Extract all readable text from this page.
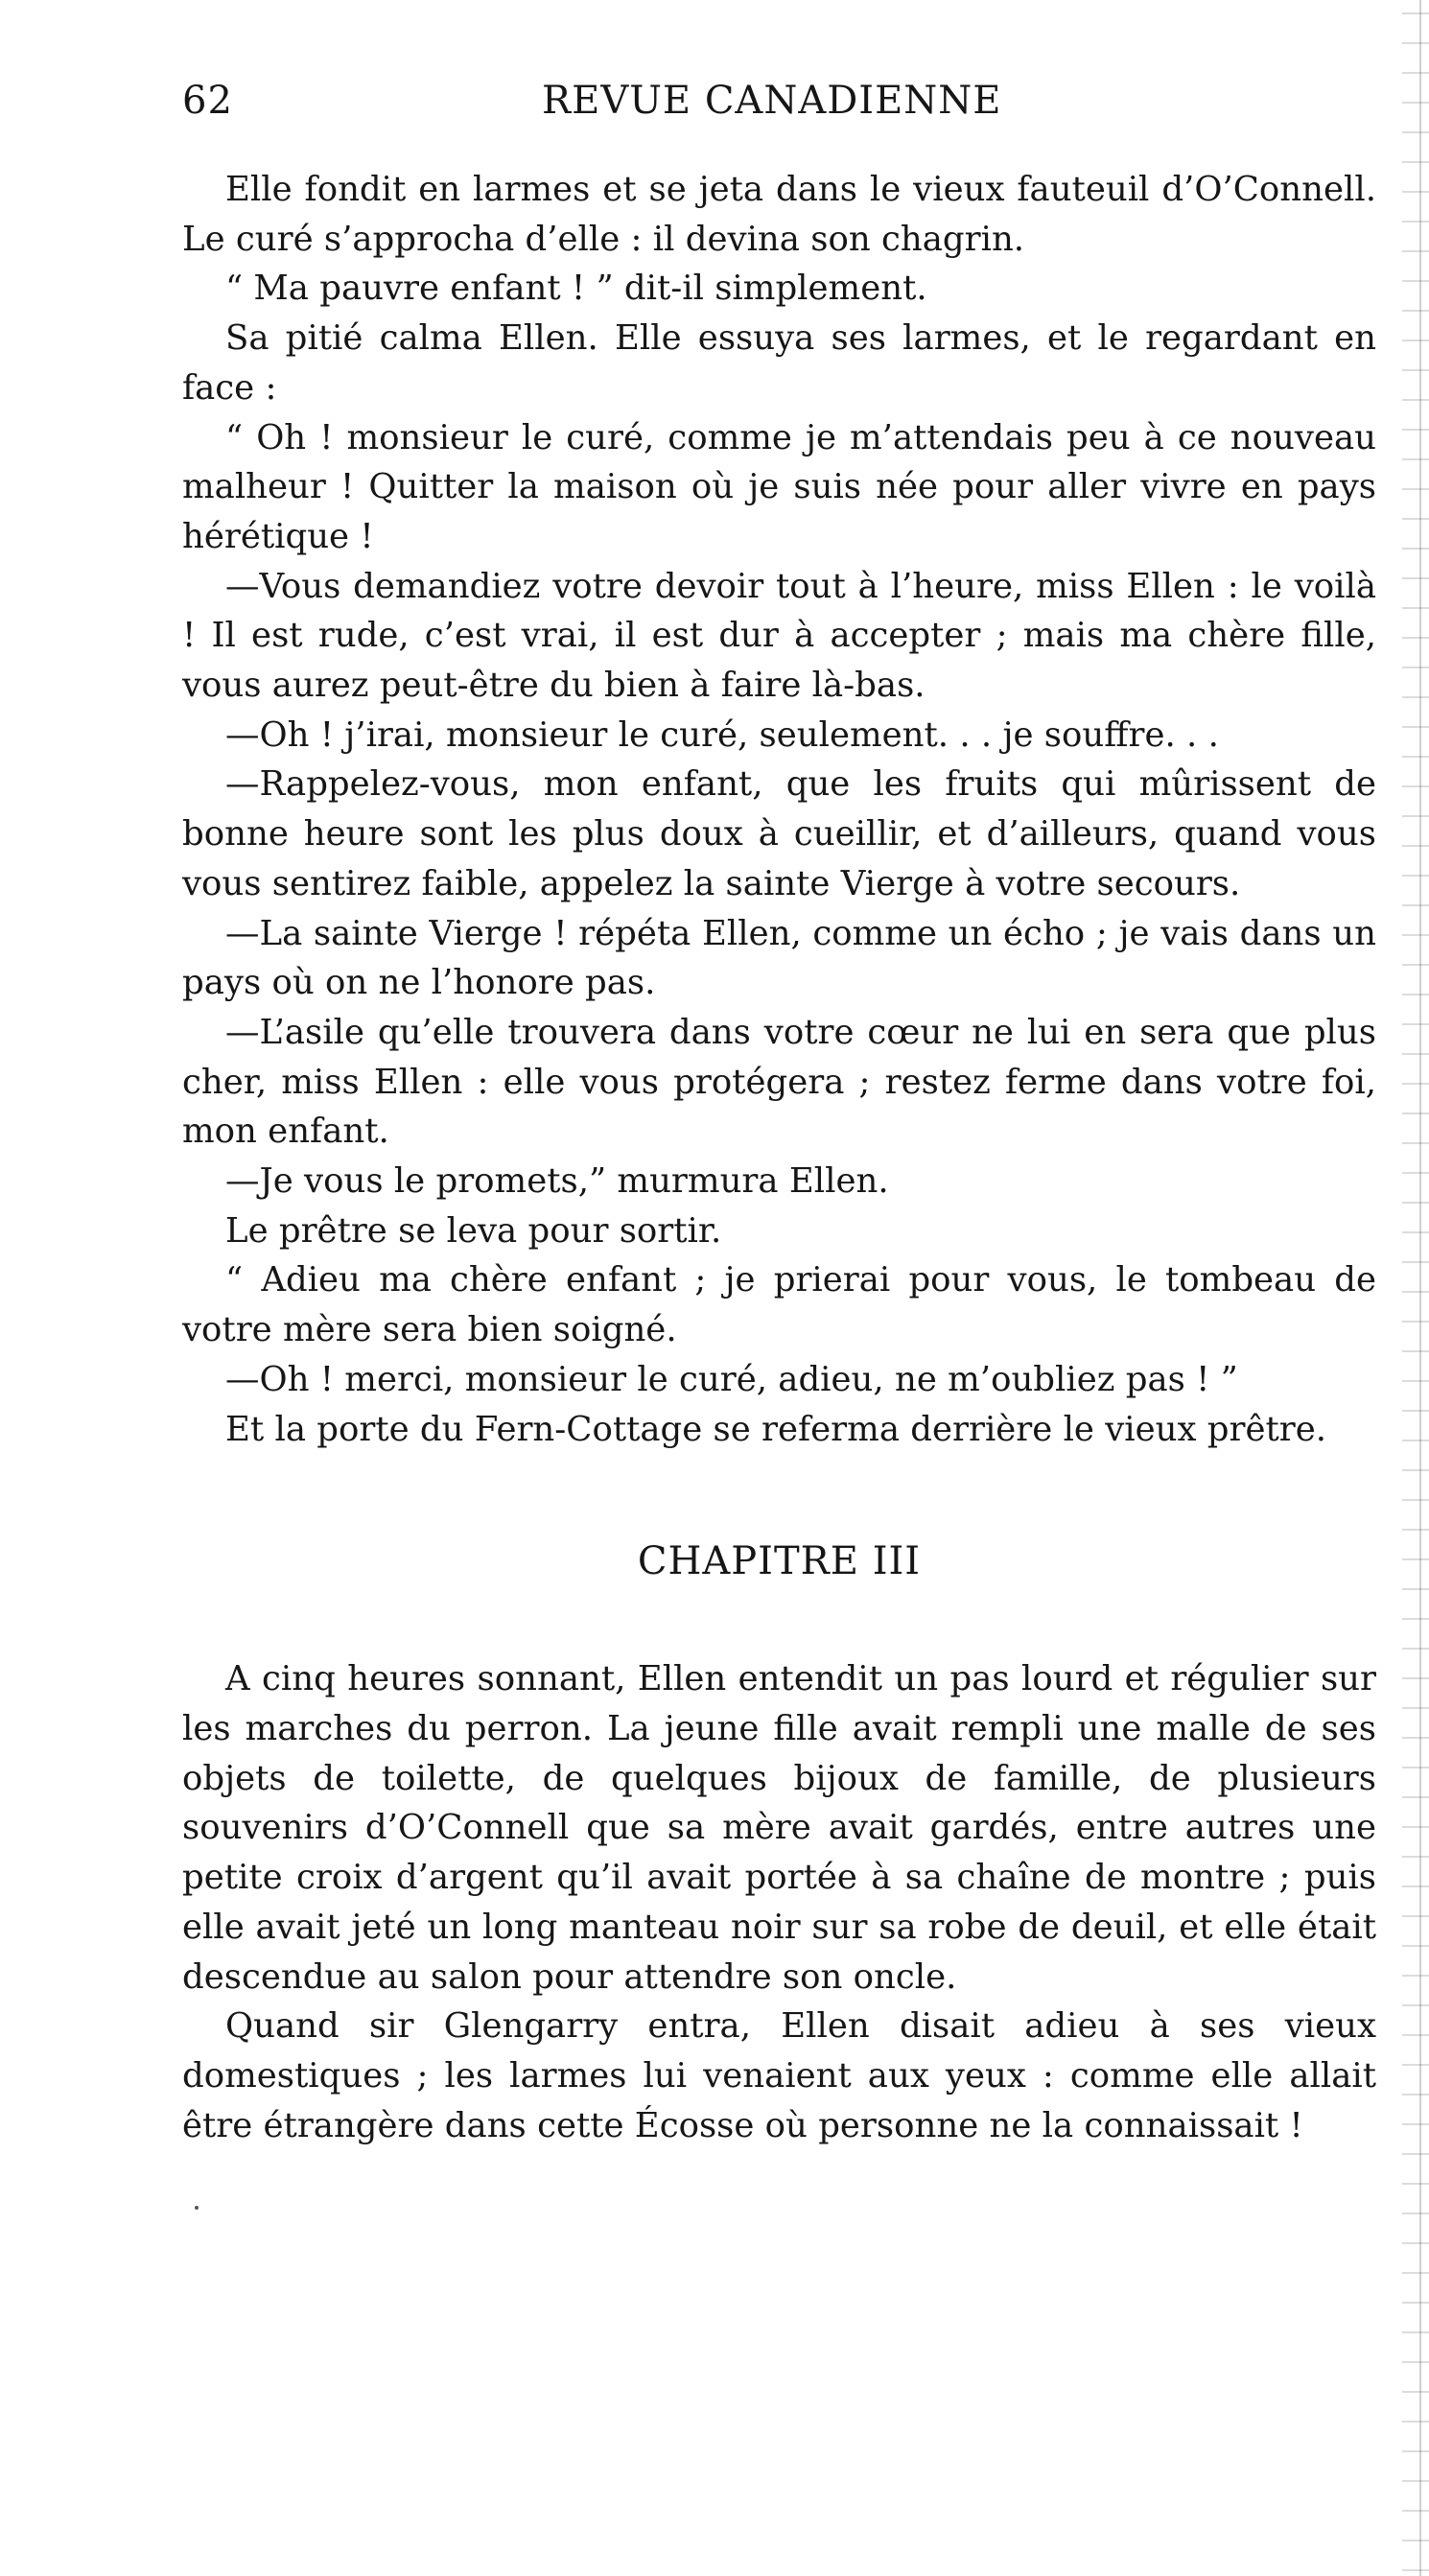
62	REVUE CANADIENNE

Elle fondit en larmes et se jeta dans le vieux fauteuil d’O’Connell. Le curé s’approcha d’elle : il devina son chagrin.

“ Ma pauvre enfant ! ” dit-il simplement.

Sa pitié calma Ellen. Elle essuya ses larmes, et le regardant en face :

“ Oh ! monsieur le curé, comme je m’attendais peu à ce nouveau malheur ! Quitter la maison où je suis née pour aller vivre en pays hérétique !

—Vous demandiez votre devoir tout à l’heure, miss Ellen : le voilà ! Il est rude, c’est vrai, il est dur à accepter ; mais ma chère fille, vous aurez peut-être du bien à faire là-bas.

—Oh ! j’irai, monsieur le curé, seulement. . . je souffre. . .

—Rappelez-vous, mon enfant, que les fruits qui mûrissent de bonne heure sont les plus doux à cueillir, et d’ailleurs, quand vous vous sentirez faible, appelez la sainte Vierge à votre secours.

—La sainte Vierge ! répéta Ellen, comme un écho ; je vais dans un pays où on ne l’honore pas.

—L’asile qu’elle trouvera dans votre cœur ne lui en sera que plus cher, miss Ellen : elle vous protégera ; restez ferme dans votre foi, mon enfant.

—Je vous le promets,” murmura Ellen.

Le prêtre se leva pour sortir.

“ Adieu ma chère enfant ; je prierai pour vous, le tombeau de votre mère sera bien soigné.

—Oh ! merci, monsieur le curé, adieu, ne m’oubliez pas ! ”

Et la porte du Fern-Cottage se referma derrière le vieux prêtre.

CHAPITRE III

A cinq heures sonnant, Ellen entendit un pas lourd et régulier sur les marches du perron. La jeune fille avait rempli une malle de ses objets de toilette, de quelques bijoux de famille, de plusieurs souvenirs d’O’Connell que sa mère avait gardés, entre autres une petite croix d’argent qu’il avait portée à sa chaîne de montre ; puis elle avait jeté un long manteau noir sur sa robe de deuil, et elle était descendue au salon pour attendre son oncle.

Quand sir Glengarry entra, Ellen disait adieu à ses vieux domestiques ; les larmes lui venaient aux yeux : comme elle allait être étrangère dans cette Écosse où personne ne la connaissait !
